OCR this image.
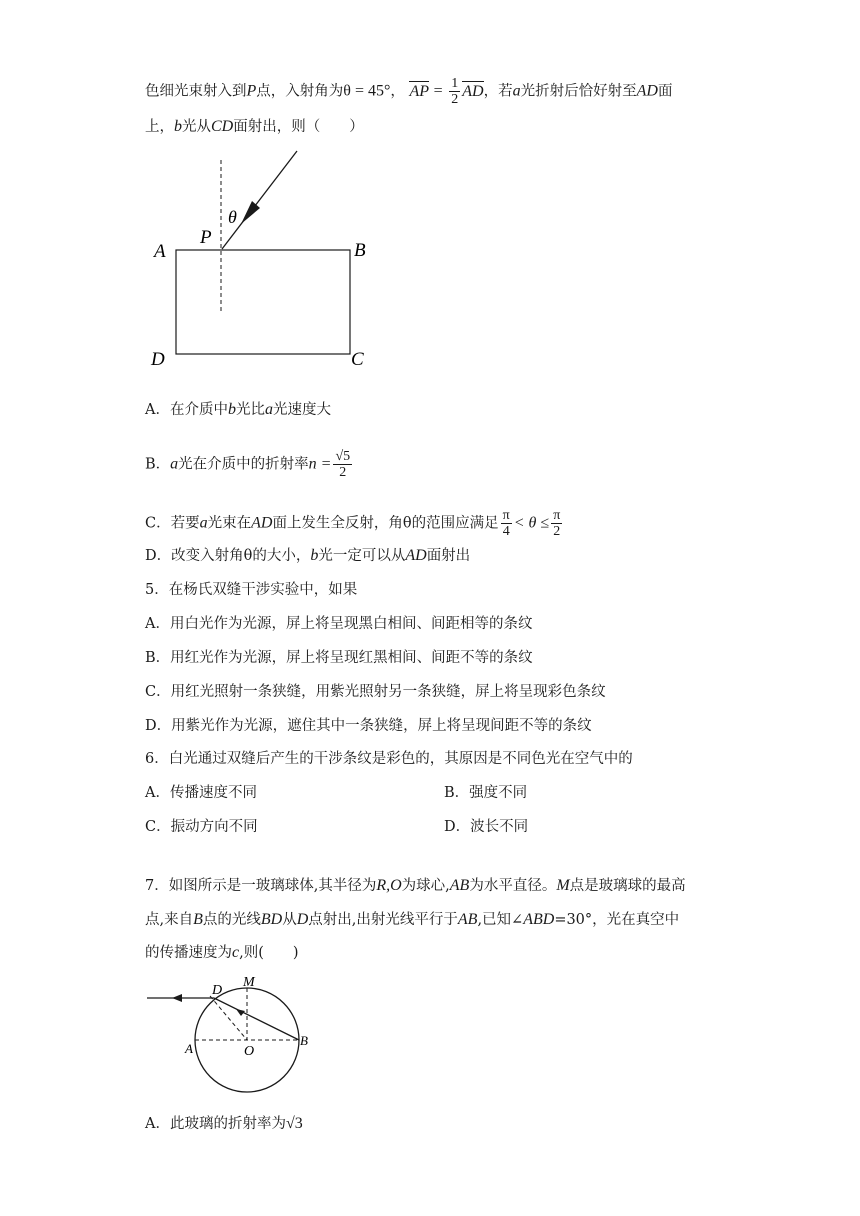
色细光束射入到P点，入射角为θ = 45°， AP = $\frac{1}{2}$ AD，若a光折射后恰好射至AD面
上，b光从CD面射出，则（　　）
θ
P
A	B
D	C
A．在介质中b光比a光速度大
B．a光在介质中的折射率$n = \frac{√5}{2}$
C．若要a光束在AD面上发生全反射，角θ的范围应满足 $\frac{\pi}{4} < \theta \le \frac{\pi}{2}$
D．改变入射角θ的大小，b光一定可以从AD面射出
5．在杨氏双缝干涉实验中，如果
A．用白光作为光源，屏上将呈现黑白相间、间距相等的条纹
B．用红光作为光源，屏上将呈现红黑相间、间距不等的条纹
C．用红光照射一条狭缝，用紫光照射另一条狭缝，屏上将呈现彩色条纹
D．用紫光作为光源，遮住其中一条狭缝，屏上将呈现间距不等的条纹
6．白光通过双缝后产生的干涉条纹是彩色的，其原因是不同色光在空气中的
A．传播速度不同	B．强度不同
C．振动方向不同	D．波长不同
7．如图所示是一玻璃球体,其半径为R,O为球心,AB为水平直径。M点是玻璃球的最高
点,来自B点的光线BD从D点射出,出射光线平行于AB,已知∠ABD=30°，光在真空中
的传播速度为c,则(　　)
D
M
A	O
B
A．此玻璃的折射率为√3
